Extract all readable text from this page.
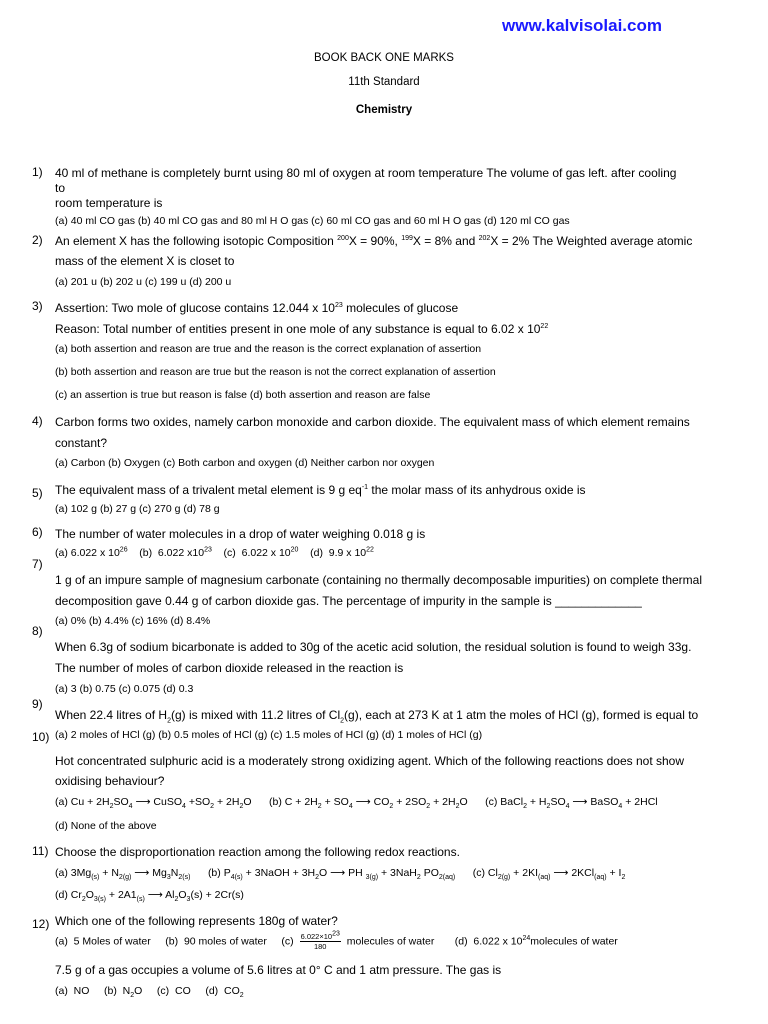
www.kalvisolai.com
BOOK BACK ONE MARKS
11th Standard
Chemistry
1) 40 ml of methane is completely burnt using 80 ml of oxygen at room temperature The volume of gas left. after cooling
to
room temperature is
(a) 40 ml CO gas (b) 40 ml CO gas and 80 ml H O gas (c) 60 ml CO gas and 60 ml H O gas (d) 120 ml CO gas
2) An element X has the following isotopic Composition $^{200}$X = 90%, $^{199}$X = 8% and $^{202}$X = 2% The Weighted average atomic
mass of the element X is closet to
(a) 201 u (b) 202 u (c) 199 u (d) 200 u
3) Assertion: Two mole of glucose contains 12.044 x $10^{23}$ molecules of glucose
Reason: Total number of entities present in one mole of any substance is equal to 6.02 x $10^{22}$
(a) both assertion and reason are true and the reason is the correct explanation of assertion
(b) both assertion and reason are true but the reason is not the correct explanation of assertion
(c) an assertion is true but reason is false (d) both assertion and reason are false
4) Carbon forms two oxides, namely carbon monoxide and carbon dioxide. The equivalent mass of which element remains
constant?
(a) Carbon (b) Oxygen (c) Both carbon and oxygen (d) Neither carbon nor oxygen
5) The equivalent mass of a trivalent metal element is 9 g $eq^{-1}$ the molar mass of its anhydrous oxide is
(a) 102 g (b) 27 g (c) 270 g (d) 78 g
6) The number of water molecules in a drop of water weighing 0.018 g is
(a) 6.022 x $10^{26}$    (b)  6.022 $x10^{23}$    (c)  6.022 x $10^{20}$    (d)  9.9 x $10^{22}$
7)
1 g of an impure sample of magnesium carbonate (containing no thermally decomposable impurities) on complete thermal
decomposition gave 0.44 g of carbon dioxide gas. The percentage of impurity in the sample is _____________
(a) 0% (b) 4.4% (c) 16% (d) 8.4%
8)
When 6.3g of sodium bicarbonate is added to 30g of the acetic acid solution, the residual solution is found to weigh 33g.
The number of moles of carbon dioxide released in the reaction is
(a) 3 (b) 0.75 (c) 0.075 (d) 0.3
9)
When 22.4 litres of $H_2(g)$ is mixed with 11.2 litres of $Cl_2(g)$, each at 273 K at 1 atm the moles of HCl (g), formed is equal to
(a) 2 moles of HCl (g) (b) 0.5 moles of HCl (g) (c) 1.5 moles of HCl (g) (d) 1 moles of HCl (g)
10)
Hot concentrated sulphuric acid is a moderately strong oxidizing agent. Which of the following reactions does not show
oxidising behaviour?
(a) $Cu + 2H_2SO_4$ ⟶ CuSO$_4$ $+SO_2 + 2H_2O$      (b) $C + 2H_2 + SO_4$ ⟶ $CO_2 + 2SO_2 + 2H_2O$      (c) BaCl$_2$ + $H_2SO_4$ ⟶ BaSO$_4$ + 2HCl
(d) None of the above
11) Choose the disproportionation reaction among the following redox reactions.
(a) $3Mg_{(s)} + N_{2(g)}$ ⟶ $Mg_3N_{2(s)}$ (b) $P_{4(s)}$ + 3NaOH + $3H_2O$ ⟶ PH $_{3(g)}$ + 3NaH$_2$ $PO_{2(aq)}$ (c) $Cl_{2(g)} + 2KI_{(aq)}$ ⟶ $2KCl_{(aq)} + I_2$
(d) $Cr_2O_{3(s)} + 2A1_{(s)}$ ⟶ $Al_2O_3(s) + 2Cr(s)$
12) Which one of the following represents 180g of water?
(a)  5 Moles of water     (b)  90 moles of water     $(c) \frac{6.022\times 10^{23}}{180}$ molecules of water       (d)  6.022 x $10^{24}molecules$ of water
7.5 g of a gas occupies a volume of 5.6 litres at 0° C and 1 atm pressure. The gas is
(a)  NO     (b)  $N_2O$     (c)  CO     (d)  $CO_2$
